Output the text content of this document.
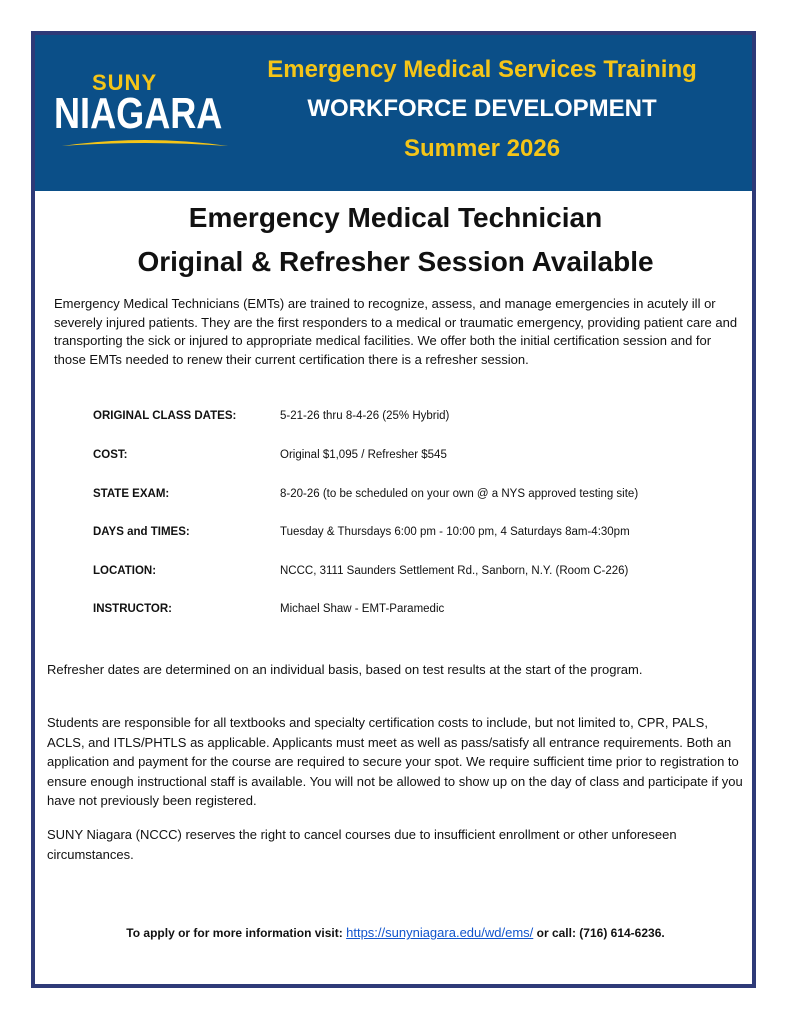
SUNY
NIAGARA
Emergency Medical Services Training
WORKFORCE DEVELOPMENT
Summer 2026
Emergency Medical Technician
Original & Refresher Session Available
Emergency Medical Technicians (EMTs) are trained to recognize, assess, and manage emergencies in acutely ill or severely injured patients. They are the first responders to a medical or traumatic emergency, providing patient care and transporting the sick or injured to appropriate medical facilities. We offer both the initial certification session and for those EMTs needed to renew their current certification there is a refresher session.
ORIGINAL CLASS DATES:	5-21-26 thru 8-4-26 (25% Hybrid)
COST:	Original $1,095 / Refresher $545
STATE EXAM:	8-20-26 (to be scheduled on your own @ a NYS approved testing site)
DAYS and TIMES:	Tuesday & Thursdays 6:00 pm - 10:00 pm, 4 Saturdays 8am-4:30pm
LOCATION:	NCCC, 3111 Saunders Settlement Rd., Sanborn, N.Y. (Room C-226)
INSTRUCTOR:	Michael Shaw - EMT-Paramedic
Refresher dates are determined on an individual basis, based on test results at the start of the program.
Students are responsible for all textbooks and specialty certification costs to include, but not limited to, CPR, PALS, ACLS, and ITLS/PHTLS as applicable. Applicants must meet as well as pass/satisfy all entrance requirements. Both an application and payment for the course are required to secure your spot. We require sufficient time prior to registration to ensure enough instructional staff is available. You will not be allowed to show up on the day of class and participate if you have not previously been registered.
SUNY Niagara (NCCC) reserves the right to cancel courses due to insufficient enrollment or other unforeseen circumstances.
To apply or for more information visit: https://sunyniagara.edu/wd/ems/ or call: (716) 614-6236.
